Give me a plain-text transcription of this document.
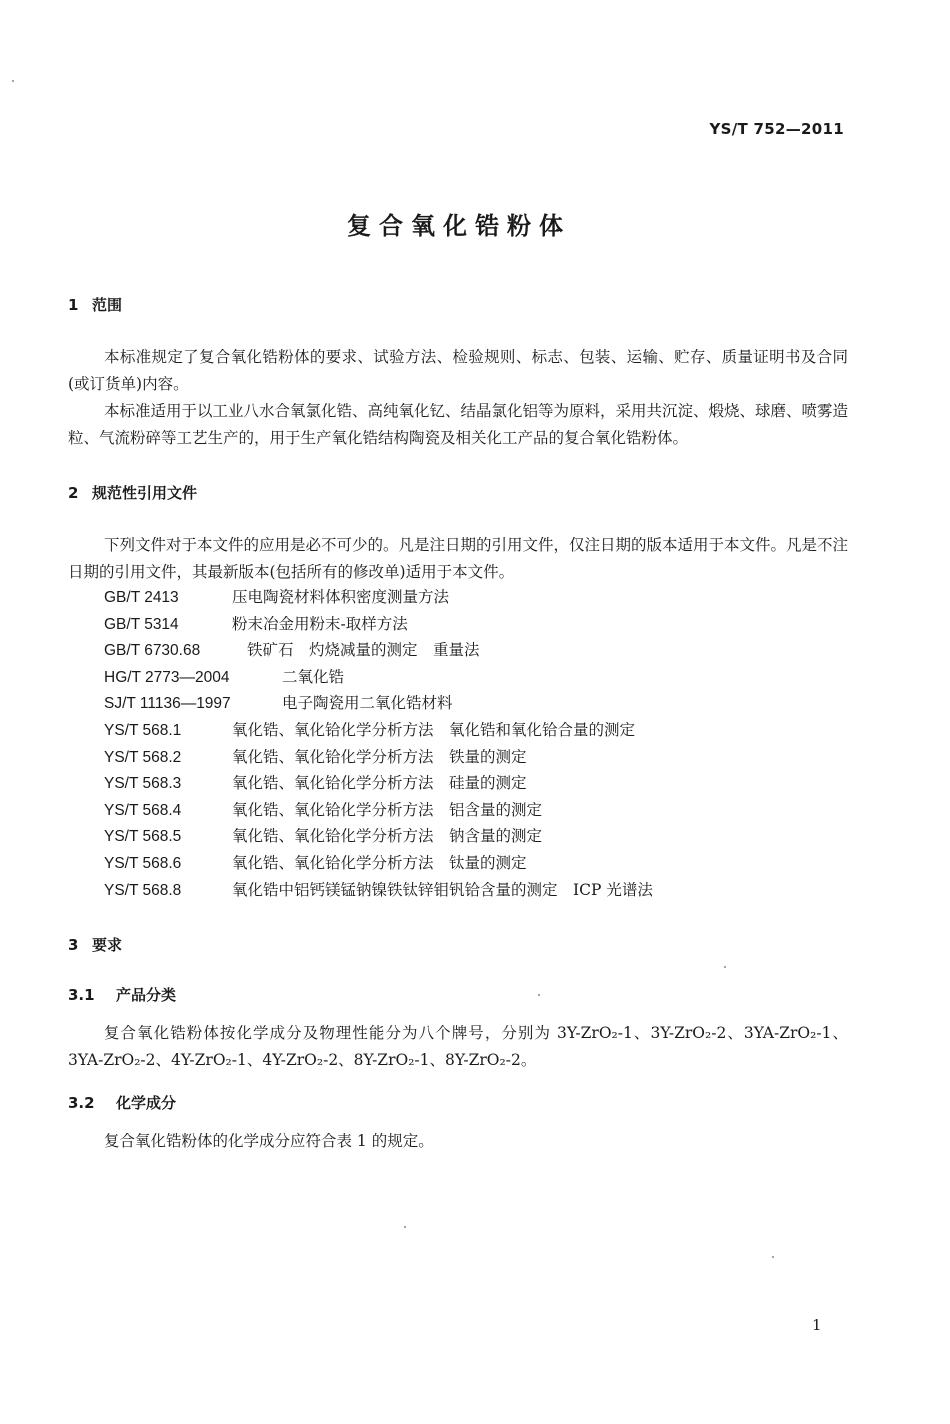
YS/T 752—2011
复合氧化锆粉体
1 范围

本标准规定了复合氧化锆粉体的要求、试验方法、检验规则、标志、包装、运输、贮存、质量证明书及合同(或订货单)内容。

本标准适用于以工业八水合氧氯化锆、高纯氧化钇、结晶氯化铝等为原料，采用共沉淀、煅烧、球磨、喷雾造粒、气流粉碎等工艺生产的，用于生产氧化锆结构陶瓷及相关化工产品的复合氧化锆粉体。

2 规范性引用文件

下列文件对于本文件的应用是必不可少的。凡是注日期的引用文件，仅注日期的版本适用于本文件。凡是不注日期的引用文件，其最新版本(包括所有的修改单)适用于本文件。

GB/T 2413	压电陶瓷材料体积密度测量方法
GB/T 5314	粉末冶金用粉末-取样方法
GB/T 6730.68	铁矿石　灼烧减量的测定　重量法
HG/T 2773—2004	二氧化锆
SJ/T 11136—1997	电子陶瓷用二氧化锆材料
YS/T 568.1	氧化锆、氧化铪化学分析方法　氧化锆和氧化铪合量的测定
YS/T 568.2	氧化锆、氧化铪化学分析方法　铁量的测定
YS/T 568.3	氧化锆、氧化铪化学分析方法　硅量的测定
YS/T 568.4	氧化锆、氧化铪化学分析方法　铝含量的测定
YS/T 568.5	氧化锆、氧化铪化学分析方法　钠含量的测定
YS/T 568.6	氧化锆、氧化铪化学分析方法　钛量的测定
YS/T 568.8	氧化锆中铝钙镁锰钠镍铁钛锌钼钒铪含量的测定　ICP 光谱法
3 要求
3.1 产品分类

复合氧化锆粉体按化学成分及物理性能分为八个牌号，分别为 3Y-ZrO₂-1、3Y-ZrO₂-2、3YA-ZrO₂-1、3YA-ZrO₂-2、4Y-ZrO₂-1、4Y-ZrO₂-2、8Y-ZrO₂-1、8Y-ZrO₂-2。

3.2 化学成分

复合氧化锆粉体的化学成分应符合表 1 的规定。

1
